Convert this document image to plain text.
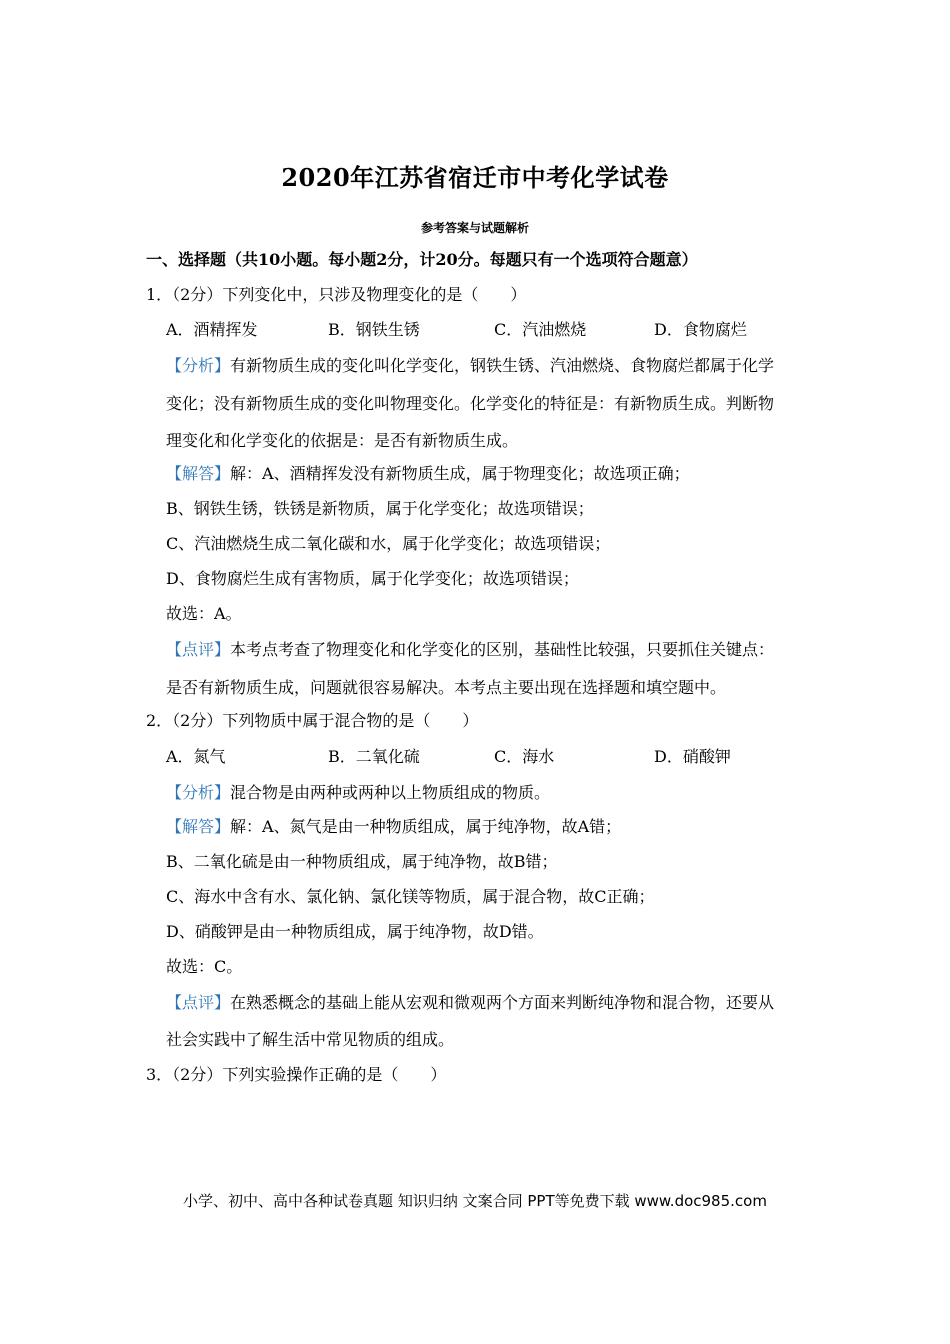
2020年江苏省宿迁市中考化学试卷
参考答案与试题解析
一、选择题（共10小题。每小题2分，计20分。每题只有一个选项符合题意）
1．（2分）下列变化中，只涉及物理变化的是（　　）
A．酒精挥发	B．钢铁生锈	C．汽油燃烧	D．食物腐烂
【分析】有新物质生成的变化叫化学变化，钢铁生锈、汽油燃烧、食物腐烂都属于化学
变化；没有新物质生成的变化叫物理变化。化学变化的特征是：有新物质生成。判断物
理变化和化学变化的依据是：是否有新物质生成。
【解答】解：A、酒精挥发没有新物质生成，属于物理变化；故选项正确；
B、钢铁生锈，铁锈是新物质，属于化学变化；故选项错误；
C、汽油燃烧生成二氧化碳和水，属于化学变化；故选项错误；
D、食物腐烂生成有害物质，属于化学变化；故选项错误；
故选：A。
【点评】本考点考查了物理变化和化学变化的区别，基础性比较强，只要抓住关键点：
是否有新物质生成，问题就很容易解决。本考点主要出现在选择题和填空题中。
2．（2分）下列物质中属于混合物的是（　　）
A．氮气	B．二氧化硫	C．海水	D．硝酸钾
【分析】混合物是由两种或两种以上物质组成的物质。
【解答】解：A、氮气是由一种物质组成，属于纯净物，故A错；
B、二氧化硫是由一种物质组成，属于纯净物，故B错；
C、海水中含有水、氯化钠、氯化镁等物质，属于混合物，故C正确；
D、硝酸钾是由一种物质组成，属于纯净物，故D错。
故选：C。
【点评】在熟悉概念的基础上能从宏观和微观两个方面来判断纯净物和混合物，还要从
社会实践中了解生活中常见物质的组成。
3．（2分）下列实验操作正确的是（　　）
小学、初中、高中各种试卷真题 知识归纳 文案合同 PPT等免费下载 www.doc985.com
